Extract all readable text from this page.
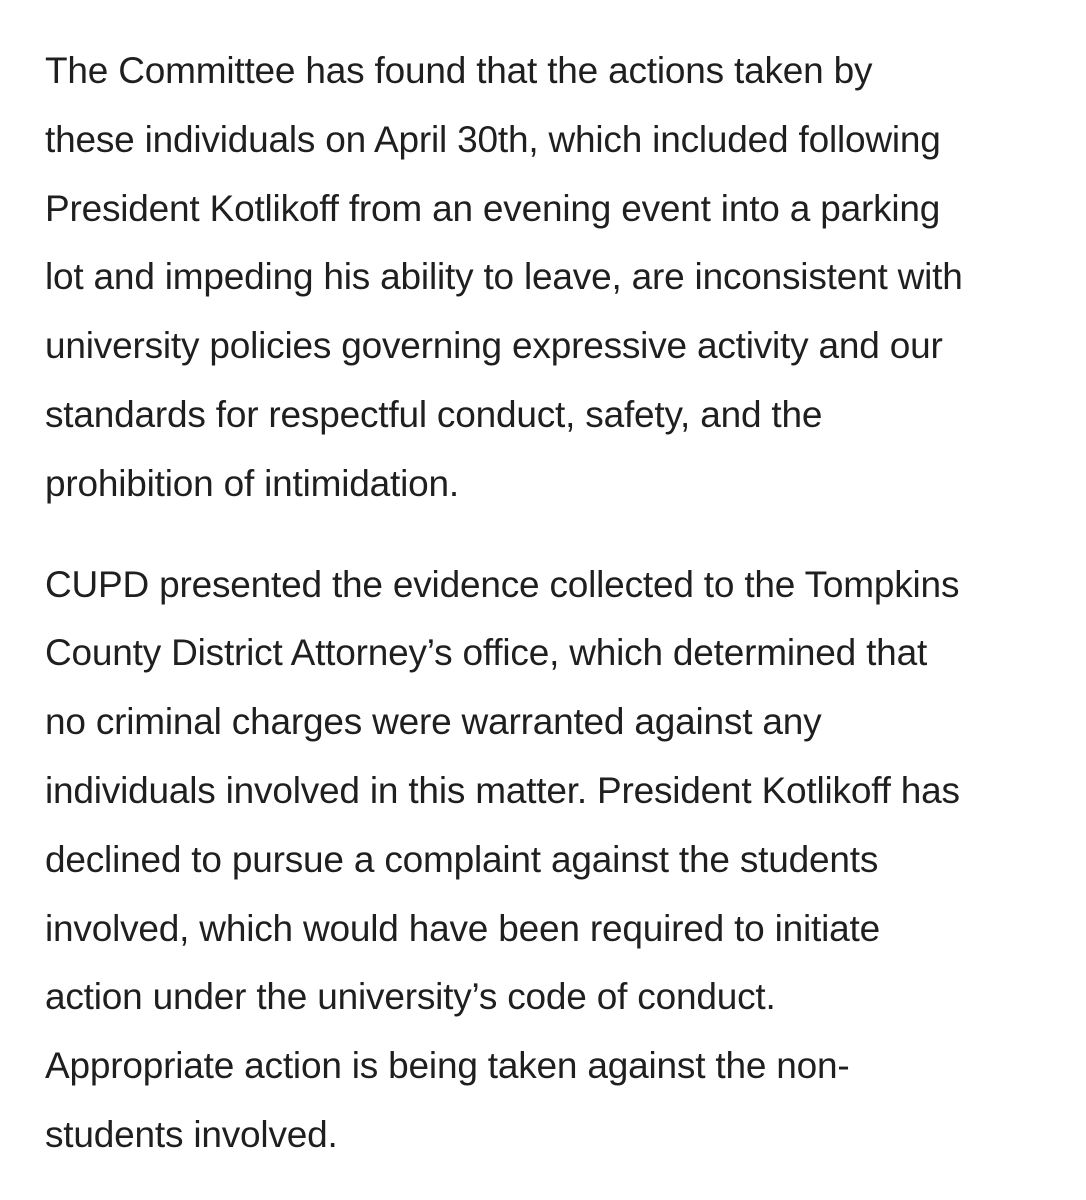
The Committee has found that the actions taken by
these individuals on April 30th, which included following
President Kotlikoff from an evening event into a parking
lot and impeding his ability to leave, are inconsistent with
university policies governing expressive activity and our
standards for respectful conduct, safety, and the
prohibition of intimidation.

CUPD presented the evidence collected to the Tompkins
County District Attorney’s office, which determined that
no criminal charges were warranted against any
individuals involved in this matter. President Kotlikoff has
declined to pursue a complaint against the students
involved, which would have been required to initiate
action under the university’s code of conduct.
Appropriate action is being taken against the non-
students involved.
